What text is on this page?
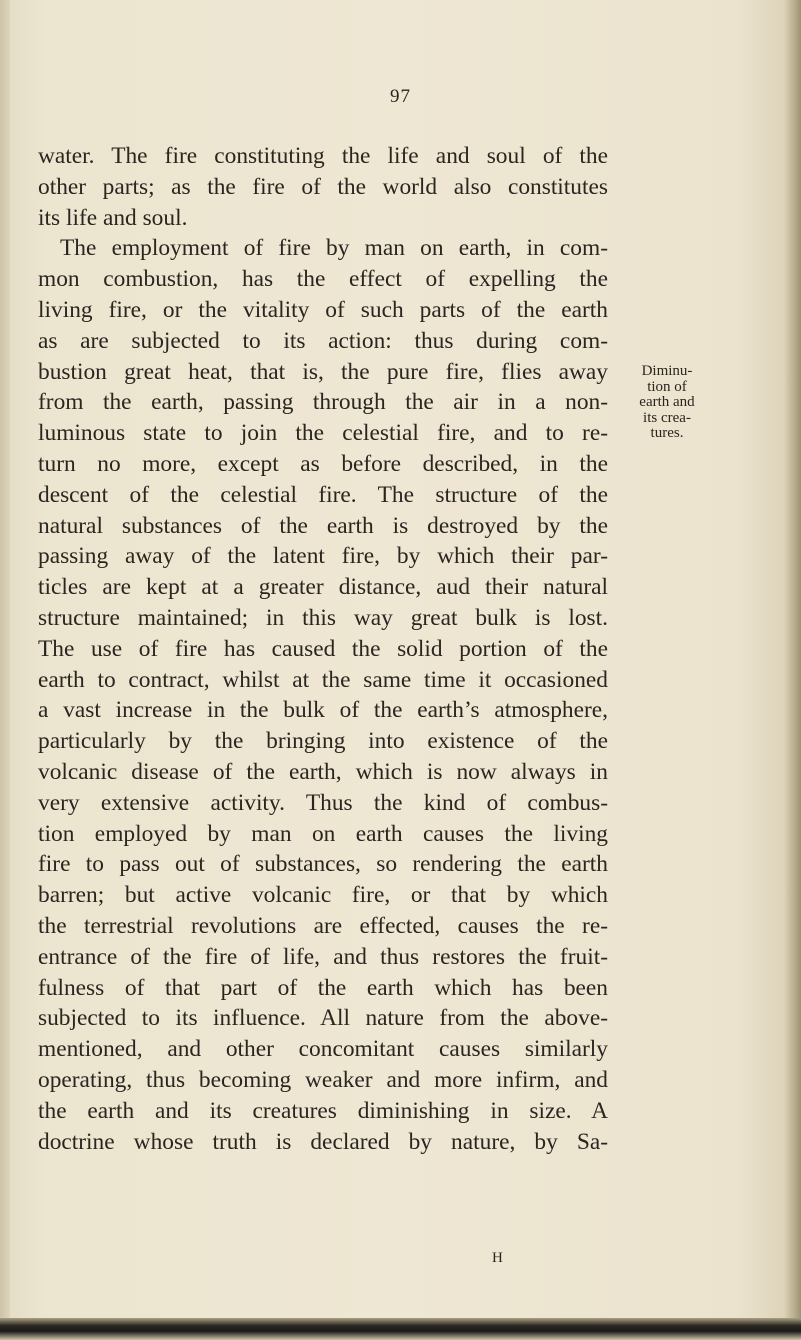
97
water. The fire constituting the life and soul of the
other parts; as the fire of the world also constitutes
its life and soul.
The employment of fire by man on earth, in com-
mon combustion, has the effect of expelling the
living fire, or the vitality of such parts of the earth
as are subjected to its action: thus during com-
bustion great heat, that is, the pure fire, flies away
from the earth, passing through the air in a non-
luminous state to join the celestial fire, and to re-
turn no more, except as before described, in the
descent of the celestial fire. The structure of the
natural substances of the earth is destroyed by the
passing away of the latent fire, by which their par-
ticles are kept at a greater distance, aud their natural
structure maintained; in this way great bulk is lost.
The use of fire has caused the solid portion of the
earth to contract, whilst at the same time it occasioned
a vast increase in the bulk of the earth’s atmosphere,
particularly by the bringing into existence of the
volcanic disease of the earth, which is now always in
very extensive activity. Thus the kind of combus-
tion employed by man on earth causes the living
fire to pass out of substances, so rendering the earth
barren; but active volcanic fire, or that by which
the terrestrial revolutions are effected, causes the re-
entrance of the fire of life, and thus restores the fruit-
fulness of that part of the earth which has been
subjected to its influence. All nature from the above-
mentioned, and other concomitant causes similarly
operating, thus becoming weaker and more infirm, and
the earth and its creatures diminishing in size. A
doctrine whose truth is declared by nature, by Sa-
Diminu-
tion of
earth and
its crea-
tures.
H
